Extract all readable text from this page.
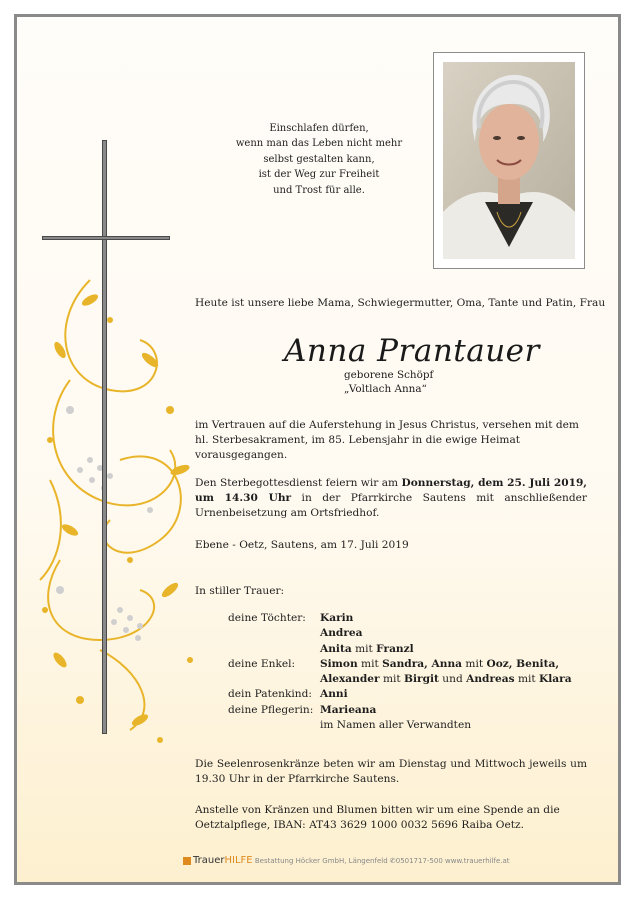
Einschlafen dürfen,
wenn man das Leben nicht mehr
selbst gestalten kann,
ist der Weg zur Freiheit
und Trost für alle.
Heute ist unsere liebe Mama, Schwiegermutter, Oma, Tante und Patin, Frau
Anna Prantauer
geborene Schöpf
„Voltlach Anna“
im Vertrauen auf die Auferstehung in Jesus Christus, versehen mit dem hl. Sterbesakrament, im 85. Lebensjahr in die ewige Heimat vorausgegangen.
Den Sterbegottesdienst feiern wir am Donnerstag, dem 25. Juli 2019, um 14.30 Uhr in der Pfarrkirche Sautens mit anschließender Urnenbeisetzung am Ortsfriedhof.
Ebene - Oetz, Sautens, am 17. Juli 2019
In stiller Trauer:
deine Töchter: Karin
Andrea
Anita mit Franzl
deine Enkel: Simon mit Sandra, Anna mit Ooz, Benita,
Alexander mit Birgit und Andreas mit Klara
dein Patenkind: Anni
deine Pflegerin: Marieana
im Namen aller Verwandten
Die Seelenrosenkränze beten wir am Dienstag und Mittwoch jeweils um 19.30 Uhr in der Pfarrkirche Sautens.
Anstelle von Kränzen und Blumen bitten wir um eine Spende an die Oetztalpflege, IBAN: AT43 3629 1000 0032 5696 Raiba Oetz.
TrauerHILFE Bestattung Höcker GmbH, Längenfeld ✆0501717-500 www.trauerhilfe.at
